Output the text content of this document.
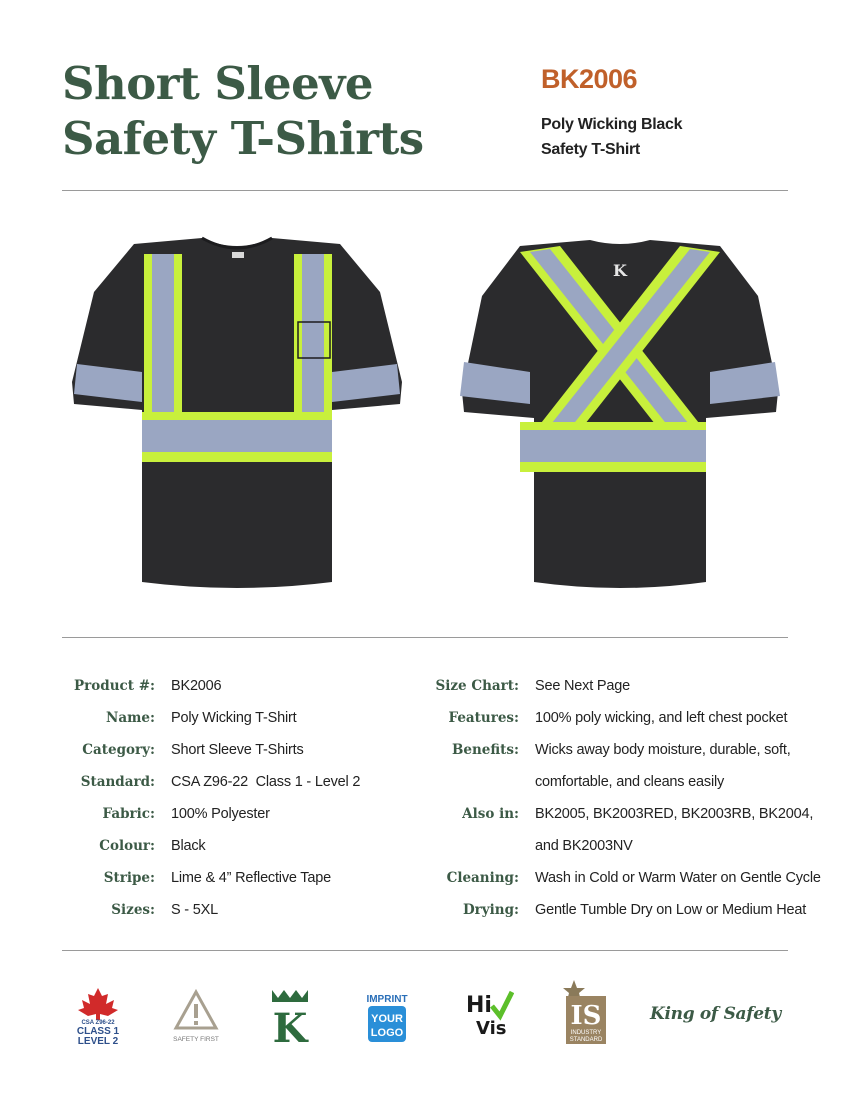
Short Sleeve
Safety T-Shirts
BK2006
Poly Wicking Black
Safety T-Shirt
K
Product #:	BK2006
Name:	Poly Wicking T-Shirt
Category:	Short Sleeve T-Shirts
Standard:	CSA Z96-22  Class 1 - Level 2
Fabric:	100% Polyester
Colour:	Black
Stripe:	Lime & 4” Reflective Tape
Sizes:	S - 5XL
Size Chart:	See Next Page
Features:	100% poly wicking, and left chest pocket
Benefits:	Wicks away body moisture, durable, soft,
comfortable, and cleans easily
Also in:	BK2005, BK2003RED, BK2003RB, BK2004,
and BK2003NV
Cleaning:	Wash in Cold or Warm Water on Gentle Cycle
Drying:	Gentle Tumble Dry on Low or Medium Heat
CSA Z96-22
CLASS 1
LEVEL 2	SAFETY FIRST K
IMPRINT
YOUR
LOGO
Hi
Vis IS
INDUSTRY
STANDARD
King of Safety
